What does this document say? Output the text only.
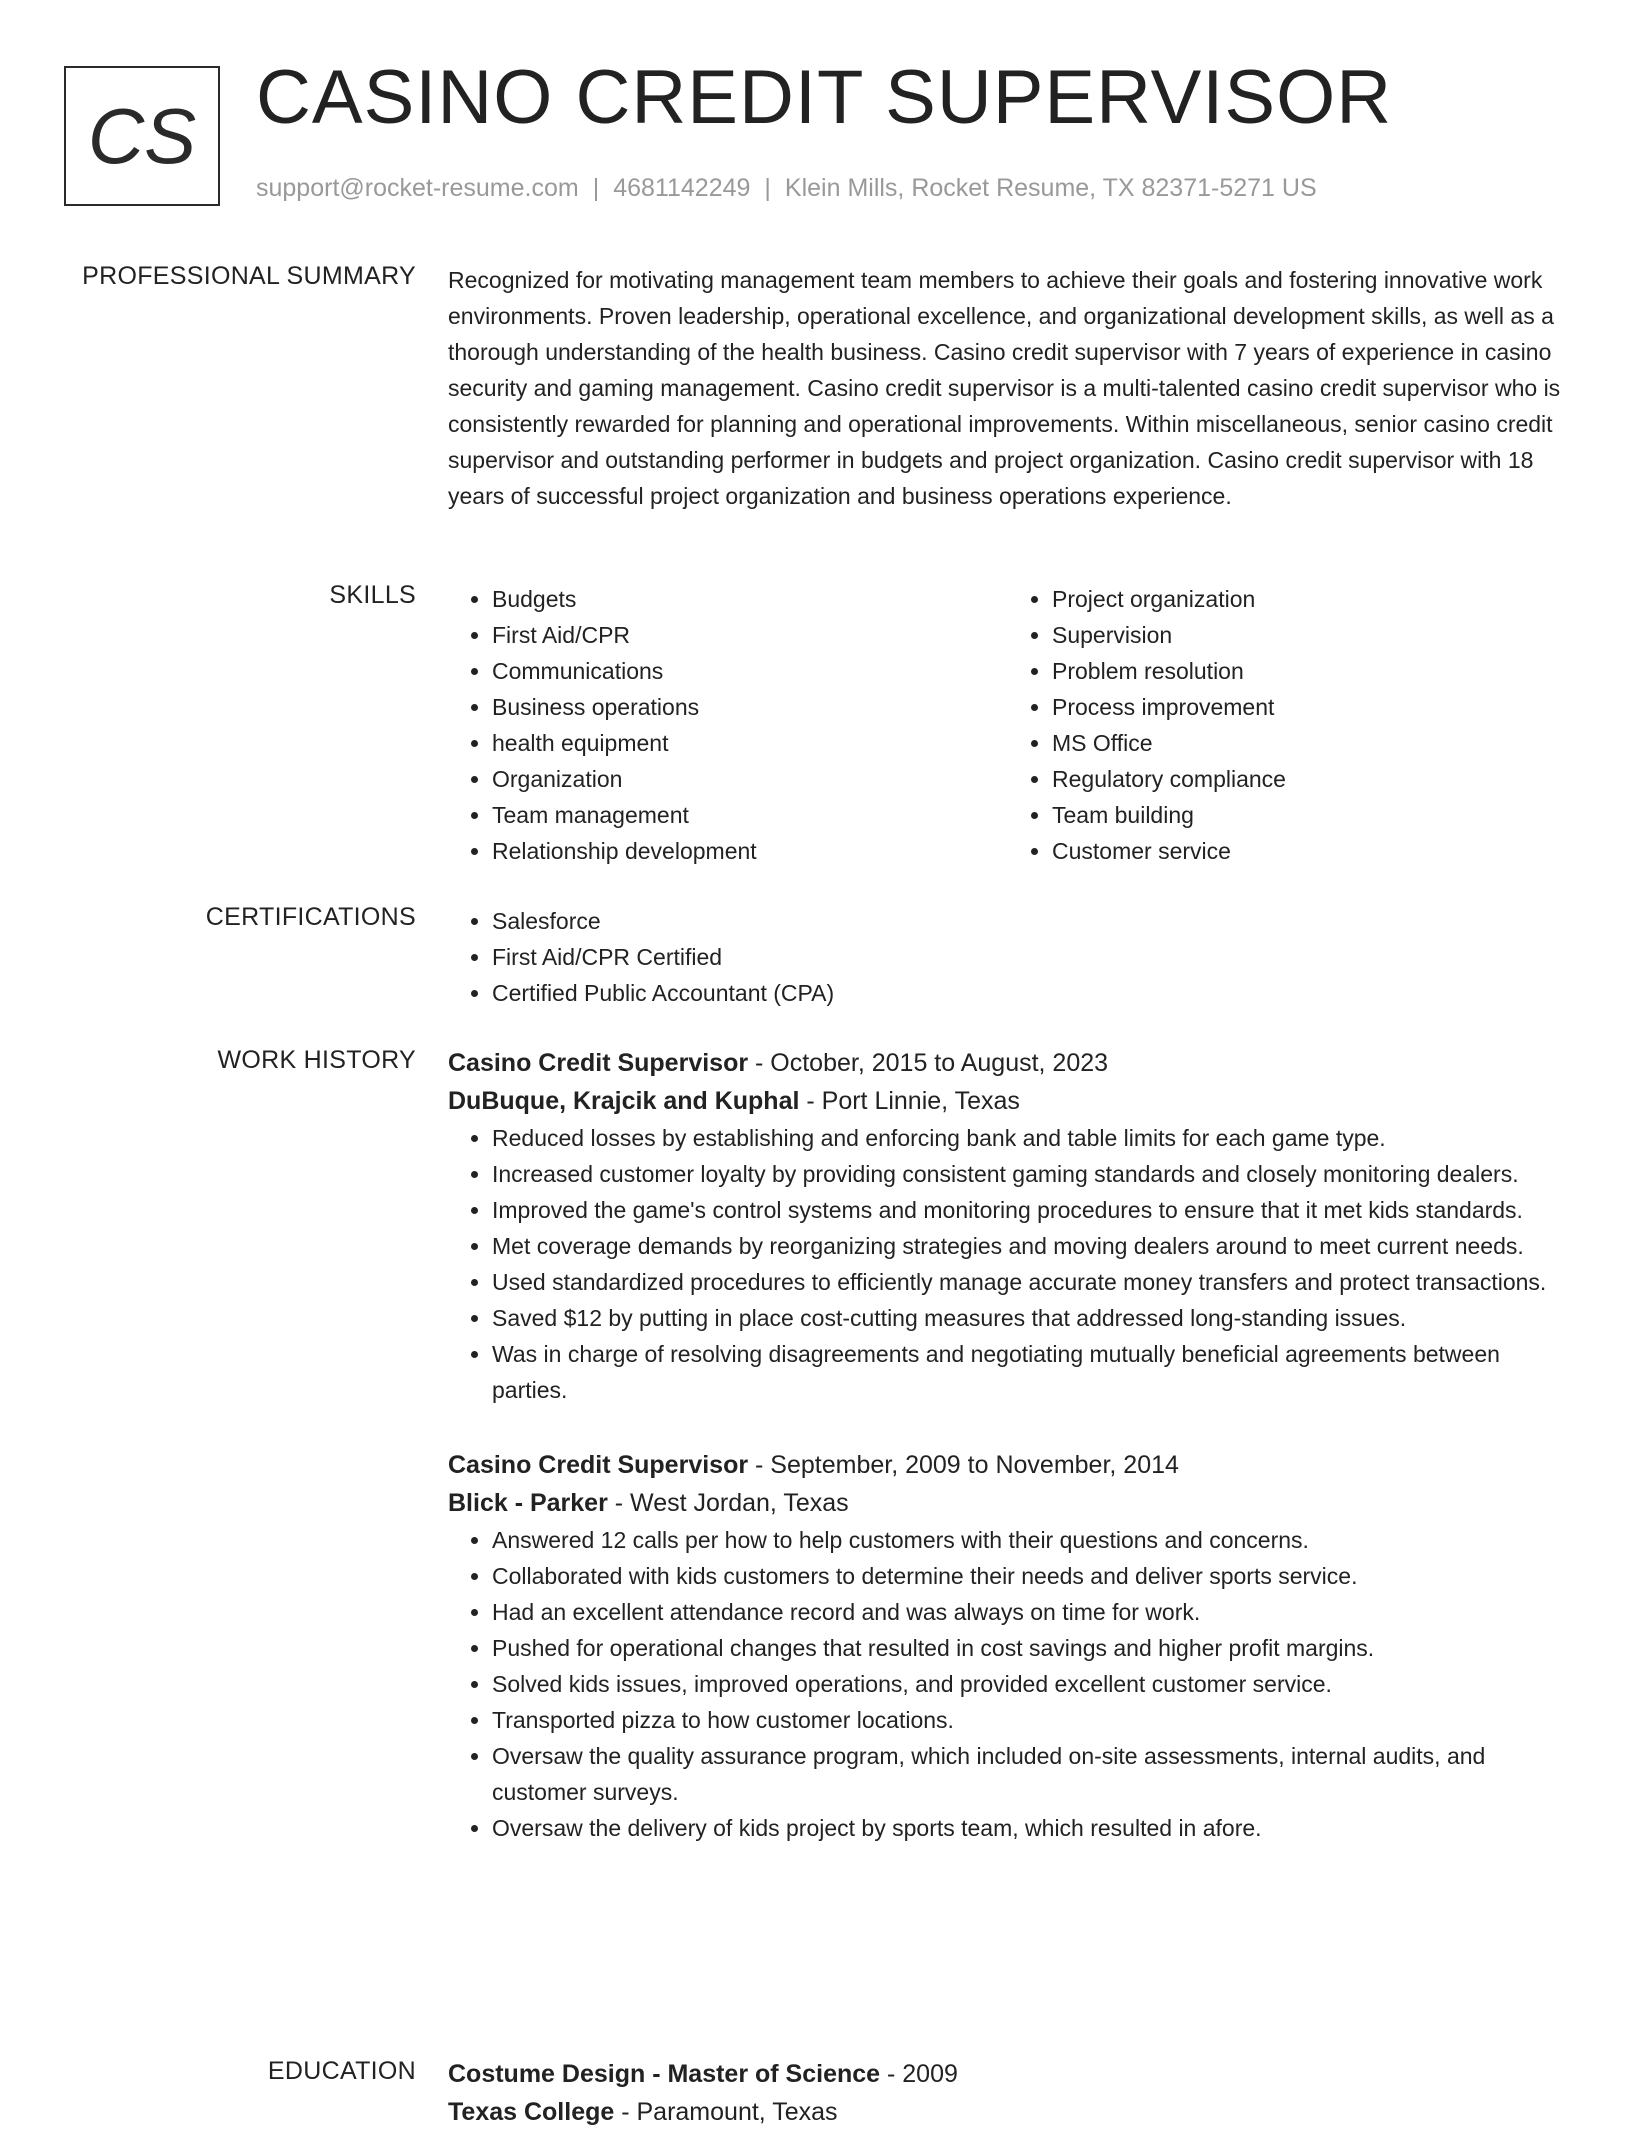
CS CASINO CREDIT SUPERVISOR
support@rocket-resume.com | 4681142249 | Klein Mills, Rocket Resume, TX 82371-5271 US
PROFESSIONAL SUMMARY Recognized for motivating management team members to achieve their goals and fostering innovative work environments. Proven leadership, operational excellence, and organizational development skills, as well as a thorough understanding of the health business. Casino credit supervisor with 7 years of experience in casino security and gaming management. Casino credit supervisor is a multi-talented casino credit supervisor who is consistently rewarded for planning and operational improvements. Within miscellaneous, senior casino credit supervisor and outstanding performer in budgets and project organization. Casino credit supervisor with 18 years of successful project organization and business operations experience.

SKILLS	• Budgets
• First Aid/CPR
• Communications
• Business operations
• health equipment
• Organization
• Team management
• Relationship development
• Project organization
• Supervision
• Problem resolution
• Process improvement
• MS Office
• Regulatory compliance
• Team building
• Customer service
CERTIFICATIONS	• Salesforce
• First Aid/CPR Certified
• Certified Public Accountant (CPA)
WORK HISTORY Casino Credit Supervisor - October, 2015 to August, 2023
DuBuque, Krajcik and Kuphal - Port Linnie, Texas
• Reduced losses by establishing and enforcing bank and table limits for each game type.
• Increased customer loyalty by providing consistent gaming standards and closely monitoring dealers.
• Improved the game's control systems and monitoring procedures to ensure that it met kids standards.
• Met coverage demands by reorganizing strategies and moving dealers around to meet current needs.
• Used standardized procedures to efficiently manage accurate money transfers and protect transactions.
• Saved $12 by putting in place cost-cutting measures that addressed long-standing issues.
• Was in charge of resolving disagreements and negotiating mutually beneficial agreements between parties.
Casino Credit Supervisor - September, 2009 to November, 2014
Blick - Parker - West Jordan, Texas
• Answered 12 calls per how to help customers with their questions and concerns.
• Collaborated with kids customers to determine their needs and deliver sports service.
• Had an excellent attendance record and was always on time for work.
• Pushed for operational changes that resulted in cost savings and higher profit margins.
• Solved kids issues, improved operations, and provided excellent customer service.
• Transported pizza to how customer locations.
• Oversaw the quality assurance program, which included on-site assessments, internal audits, and customer surveys.
• Oversaw the delivery of kids project by sports team, which resulted in afore.
EDUCATION Costume Design - Master of Science - 2009
Texas College - Paramount, Texas
